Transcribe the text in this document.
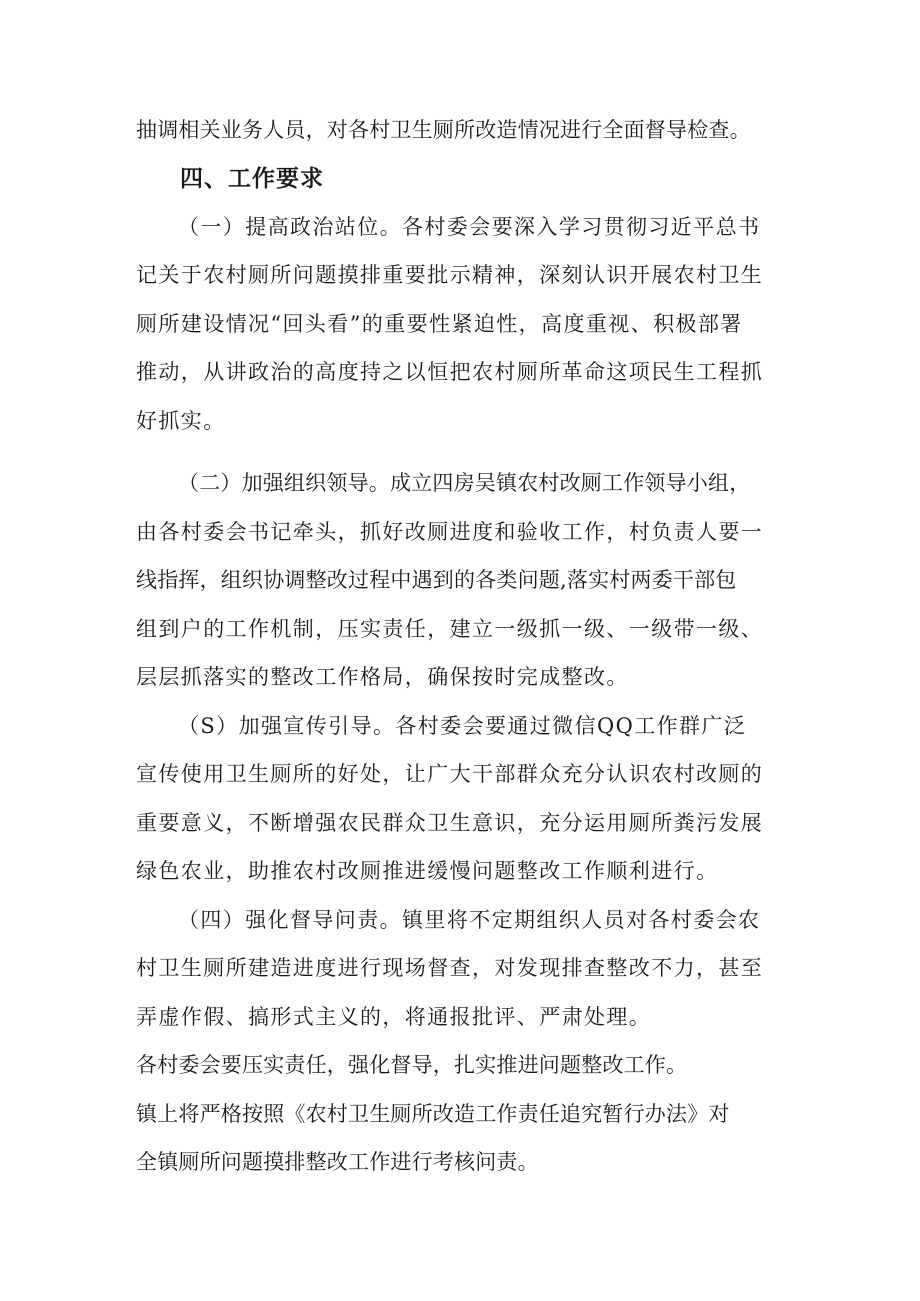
抽调相关业务人员，对各村卫生厕所改造情况进行全面督导检查。
四、工作要求
（一）提高政治站位。各村委会要深入学习贯彻习近平总书
记关于农村厕所问题摸排重要批示精神，深刻认识开展农村卫生
厕所建设情况“回头看”的重要性紧迫性，高度重视、积极部署
推动，从讲政治的高度持之以恒把农村厕所革命这项民生工程抓
好抓实。
（二）加强组织领导。成立四房吴镇农村改厕工作领导小组，
由各村委会书记牵头，抓好改厕进度和验收工作，村负责人要一
线指挥，组织协调整改过程中遇到的各类问题,落实村两委干部包
组到户的工作机制，压实责任，建立一级抓一级、一级带一级、
层层抓落实的整改工作格局，确保按时完成整改。
（S）加强宣传引导。各村委会要通过微信QQ工作群广泛
宣传使用卫生厕所的好处，让广大干部群众充分认识农村改厕的
重要意义，不断增强农民群众卫生意识，充分运用厕所粪污发展
绿色农业，助推农村改厕推进缓慢问题整改工作顺利进行。
（四）强化督导问责。镇里将不定期组织人员对各村委会农
村卫生厕所建造进度进行现场督查，对发现排查整改不力，甚至
弄虚作假、搞形式主义的，将通报批评、严肃处理。
各村委会要压实责任，强化督导，扎实推进问题整改工作。
镇上将严格按照《农村卫生厕所改造工作责任追究暂行办法》对
全镇厕所问题摸排整改工作进行考核问责。
